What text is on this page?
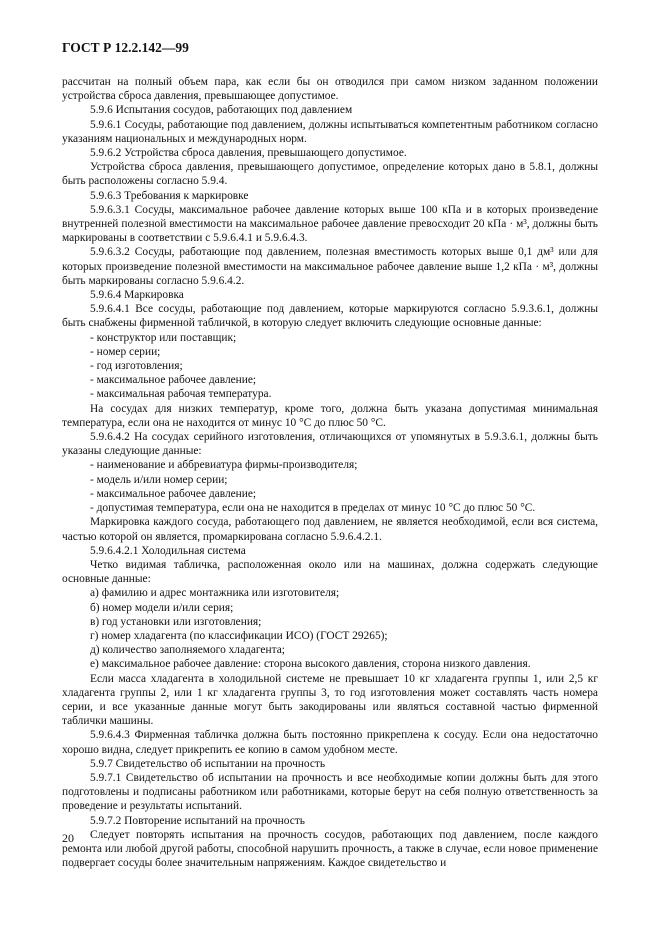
ГОСТ Р 12.2.142—99

рассчитан на полный объем пара, как если бы он отводился при самом низком заданном положении устройства сброса давления, превышающее допустимое.

5.9.6 Испытания сосудов, работающих под давлением

5.9.6.1 Сосуды, работающие под давлением, должны испытываться компетентным работником согласно указаниям национальных и международных норм.

5.9.6.2 Устройства сброса давления, превышающего допустимое.

Устройства сброса давления, превышающего допустимое, определение которых дано в 5.8.1, должны быть расположены согласно 5.9.4.

5.9.6.3 Требования к маркировке

5.9.6.3.1 Сосуды, максимальное рабочее давление которых выше 100 кПа и в которых произведение внутренней полезной вместимости на максимальное рабочее давление превосходит 20 кПа · м³, должны быть маркированы в соответствии с 5.9.6.4.1 и 5.9.6.4.3.

5.9.6.3.2 Сосуды, работающие под давлением, полезная вместимость которых выше 0,1 дм³ или для которых произведение полезной вместимости на максимальное рабочее давление выше 1,2 кПа · м³, должны быть маркированы согласно 5.9.6.4.2.

5.9.6.4 Маркировка

5.9.6.4.1 Все сосуды, работающие под давлением, которые маркируются согласно 5.9.3.6.1, должны быть снабжены фирменной табличкой, в которую следует включить следующие основные данные:

- конструктор или поставщик;

- номер серии;

- год изготовления;

- максимальное рабочее давление;

- максимальная рабочая температура.

На сосудах для низких температур, кроме того, должна быть указана допустимая минимальная температура, если она не находится от минус 10 °С до плюс 50 °С.

5.9.6.4.2 На сосудах серийного изготовления, отличающихся от упомянутых в 5.9.3.6.1, должны быть указаны следующие данные:

- наименование и аббревиатура фирмы-производителя;

- модель и/или номер серии;

- максимальное рабочее давление;

- допустимая температура, если она не находится в пределах от минус 10 °С до плюс 50 °С.

Маркировка каждого сосуда, работающего под давлением, не является необходимой, если вся система, частью которой он является, промаркирована согласно 5.9.6.4.2.1.

5.9.6.4.2.1 Холодильная система

Четко видимая табличка, расположенная около или на машинах, должна содержать следующие основные данные:

а) фамилию и адрес монтажника или изготовителя;

б) номер модели и/или серия;

в) год установки или изготовления;

г) номер хладагента (по классификации ИСО) (ГОСТ 29265);

д) количество заполняемого хладагента;

е) максимальное рабочее давление: сторона высокого давления, сторона низкого давления.

Если масса хладагента в холодильной системе не превышает 10 кг хладагента группы 1, или 2,5 кг хладагента группы 2, или 1 кг хладагента группы 3, то год изготовления может составлять часть номера серии, и все указанные данные могут быть закодированы или являться составной частью фирменной таблички машины.

5.9.6.4.3 Фирменная табличка должна быть постоянно прикреплена к сосуду. Если она недостаточно хорошо видна, следует прикрепить ее копию в самом удобном месте.

5.9.7 Свидетельство об испытании на прочность

5.9.7.1 Свидетельство об испытании на прочность и все необходимые копии должны быть для этого подготовлены и подписаны работником или работниками, которые берут на себя полную ответственность за проведение и результаты испытаний.

5.9.7.2 Повторение испытаний на прочность

Следует повторять испытания на прочность сосудов, работающих под давлением, после каждого ремонта или любой другой работы, способной нарушить прочность, а также в случае, если новое применение подвергает сосуды более значительным напряжениям. Каждое свидетельство и

20
